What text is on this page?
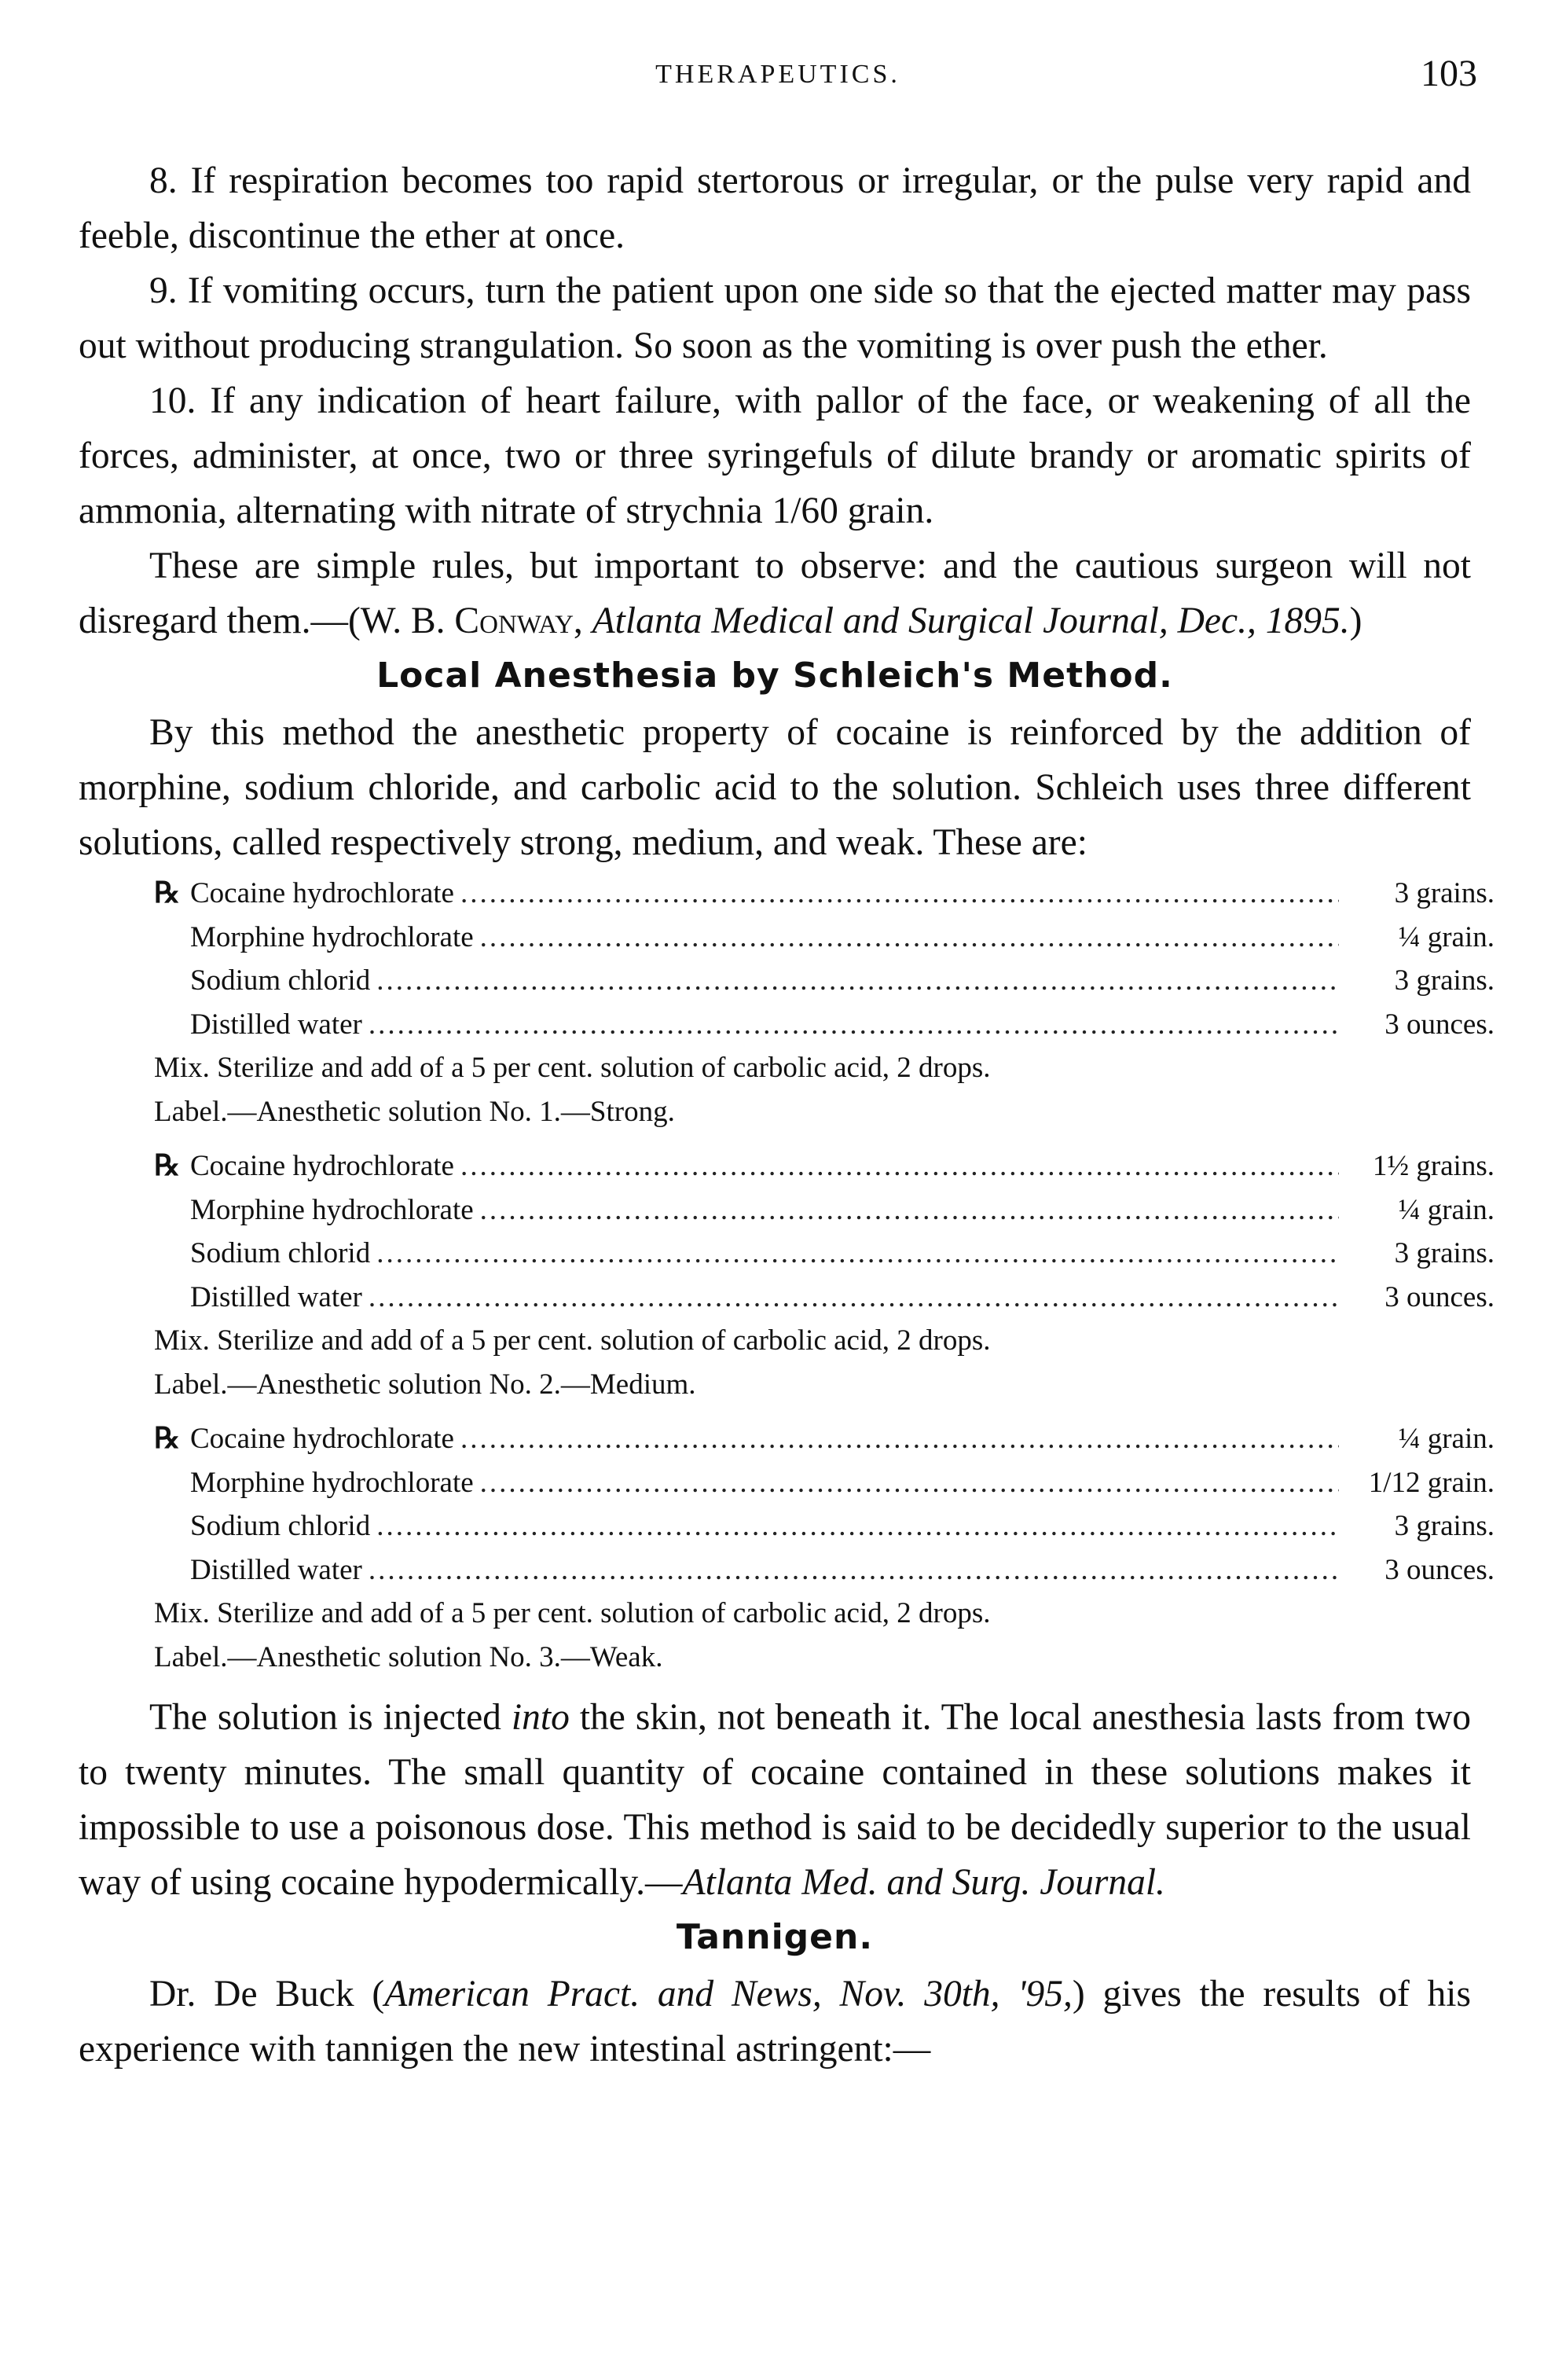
THERAPEUTICS.	103

8. If respiration becomes too rapid stertorous or irregular, or the pulse very rapid and feeble, discontinue the ether at once.

9. If vomiting occurs, turn the patient upon one side so that the ejected matter may pass out without producing strangulation. So soon as the vomiting is over push the ether.

10. If any indication of heart failure, with pallor of the face, or weakening of all the forces, administer, at once, two or three syringefuls of dilute brandy or aromatic spirits of ammonia, alternating with nitrate of strychnia 1/60 grain.

These are simple rules, but important to observe: and the cautious surgeon will not disregard them.—(W. B. Conway, Atlanta Medical and Surgical Journal, Dec., 1895.)

Local Anesthesia by Schleich's Method.

By this method the anesthetic property of cocaine is reinforced by the addition of morphine, sodium chloride, and carbolic acid to the solution. Schleich uses three different solutions, called respectively strong, medium, and weak. These are:

℞ Cocaine hydrochlorate .....	3 grains.
Morphine hydrochlorate .....	¼ grain.
Sodium chlorid .....	3 grains.
Distilled water .....	3 ounces.
Mix. Sterilize and add of a 5 per cent. solution of carbolic acid, 2 drops.
Label.—Anesthetic solution No. 1.—Strong.
℞ Cocaine hydrochlorate .....	1½ grains.
Morphine hydrochlorate .....	¼ grain.
Sodium chlorid .....	3 grains.
Distilled water .....	3 ounces.
Mix. Sterilize and add of a 5 per cent. solution of carbolic acid, 2 drops.
Label.—Anesthetic solution No. 2.—Medium.
℞ Cocaine hydrochlorate .....	¼ grain.
Morphine hydrochlorate .....	1/12 grain.
Sodium chlorid .....	3 grains.
Distilled water .....	3 ounces.
Mix. Sterilize and add of a 5 per cent. solution of carbolic acid, 2 drops.
Label.—Anesthetic solution No. 3.—Weak.

The solution is injected into the skin, not beneath it. The local anesthesia lasts from two to twenty minutes. The small quantity of cocaine contained in these solutions makes it impossible to use a poisonous dose. This method is said to be decidedly superior to the usual way of using cocaine hypodermically.—Atlanta Med. and Surg. Journal.

Tannigen.

Dr. De Buck (American Pract. and News, Nov. 30th, '95,) gives the results of his experience with tannigen the new intestinal astringent:—
